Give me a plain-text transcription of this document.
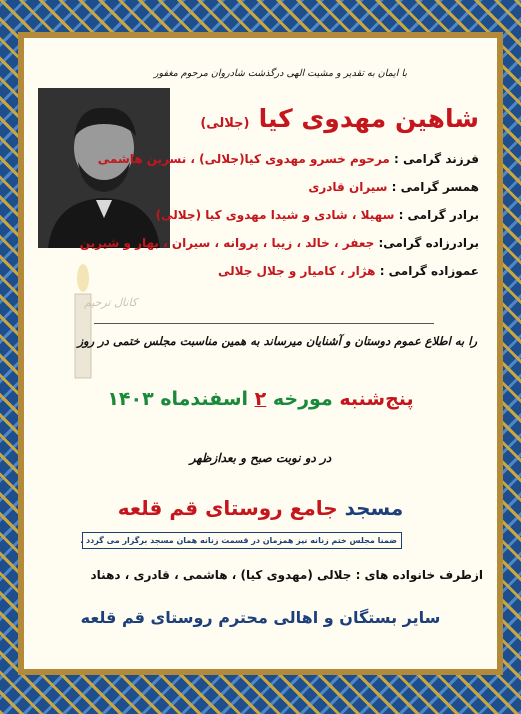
با ایمان به تقدیر و مشیت الهی درگذشت شادروان مرحوم مغفور
شاهین مهدوی کیا (جلالی)
فرزند گرامی : مرحوم خسرو مهدوی کیا(جلالی) ، نسرین هاشمی
همسر گرامی : سیران قادری
برادر گرامی : سهیلا ، شادی و شیدا مهدوی کیا (جلالی)
برادرزاده گرامی: جعفر ، خالد ، زیبا ، پروانه ، سیران ، بهار و شیرین
عموزاده گرامی : هژار ، کامیار و جلال جلالی
کانال ترحیم
را به اطلاع عموم دوستان و آشنایان میرساند به همین مناسبت مجلس ختمی در روز
پنج‌شنبه مورخه ۲ اسفندماه ۱۴۰۳
در دو نوبت صبح و بعدازظهر
مسجد جامع روستای قم قلعه
ضمنا مجلس ختم زنانه نیز همزمان در قسمت زنانه همان مسجد برگزار می گردد .
ازطرف خانواده های : جلالی (مهدوی کیا) ، هاشمی ، قادری ، دهناد
سایر بستگان و اهالی محترم روستای قم قلعه
